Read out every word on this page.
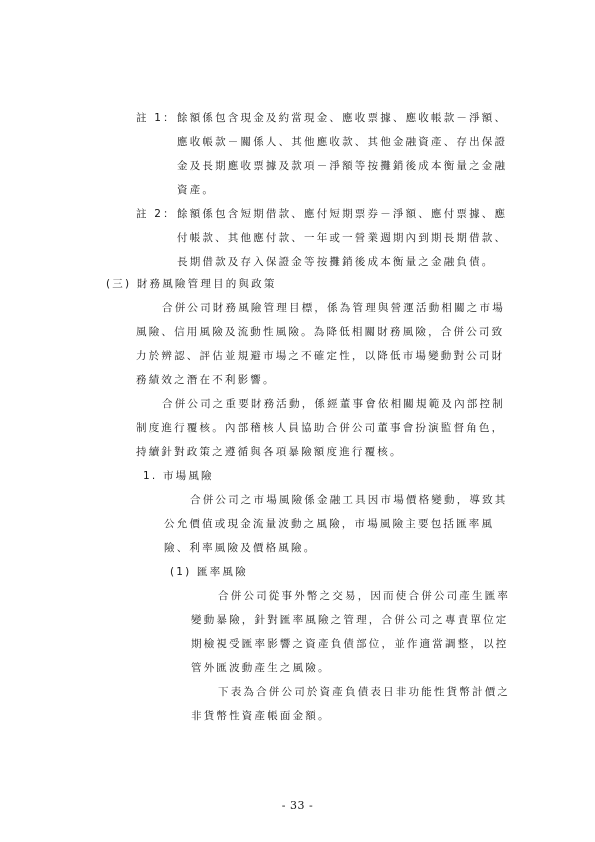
註 1： 餘額係包含現金及約當現金、應收票據、應收帳款－淨額、
應收帳款－關係人、其他應收款、其他金融資產、存出保證
金及長期應收票據及款項－淨額等按攤銷後成本衡量之金融
資產。
註 2： 餘額係包含短期借款、應付短期票券－淨額、應付票據、應
付帳款、其他應付款、一年或一營業週期內到期長期借款、
長期借款及存入保證金等按攤銷後成本衡量之金融負債。
(三) 財務風險管理目的與政策
合併公司財務風險管理目標，係為管理與營運活動相關之市場
風險、信用風險及流動性風險。為降低相關財務風險，合併公司致
力於辨認、評估並規避市場之不確定性，以降低市場變動對公司財
務績效之潛在不利影響。
合併公司之重要財務活動，係經董事會依相關規範及內部控制
制度進行覆核。內部稽核人員協助合併公司董事會扮演監督角色，
持續針對政策之遵循與各項暴險額度進行覆核。
1. 市場風險
合併公司之市場風險係金融工具因市場價格變動，導致其
公允價值或現金流量波動之風險，市場風險主要包括匯率風
險、利率風險及價格風險。
(1) 匯率風險
合併公司從事外幣之交易，因而使合併公司產生匯率
變動暴險，針對匯率風險之管理，合併公司之專責單位定
期檢視受匯率影響之資產負債部位，並作適當調整，以控
管外匯波動產生之風險。
下表為合併公司於資產負債表日非功能性貨幣計價之
非貨幣性資產帳面金額。
- 33 -
